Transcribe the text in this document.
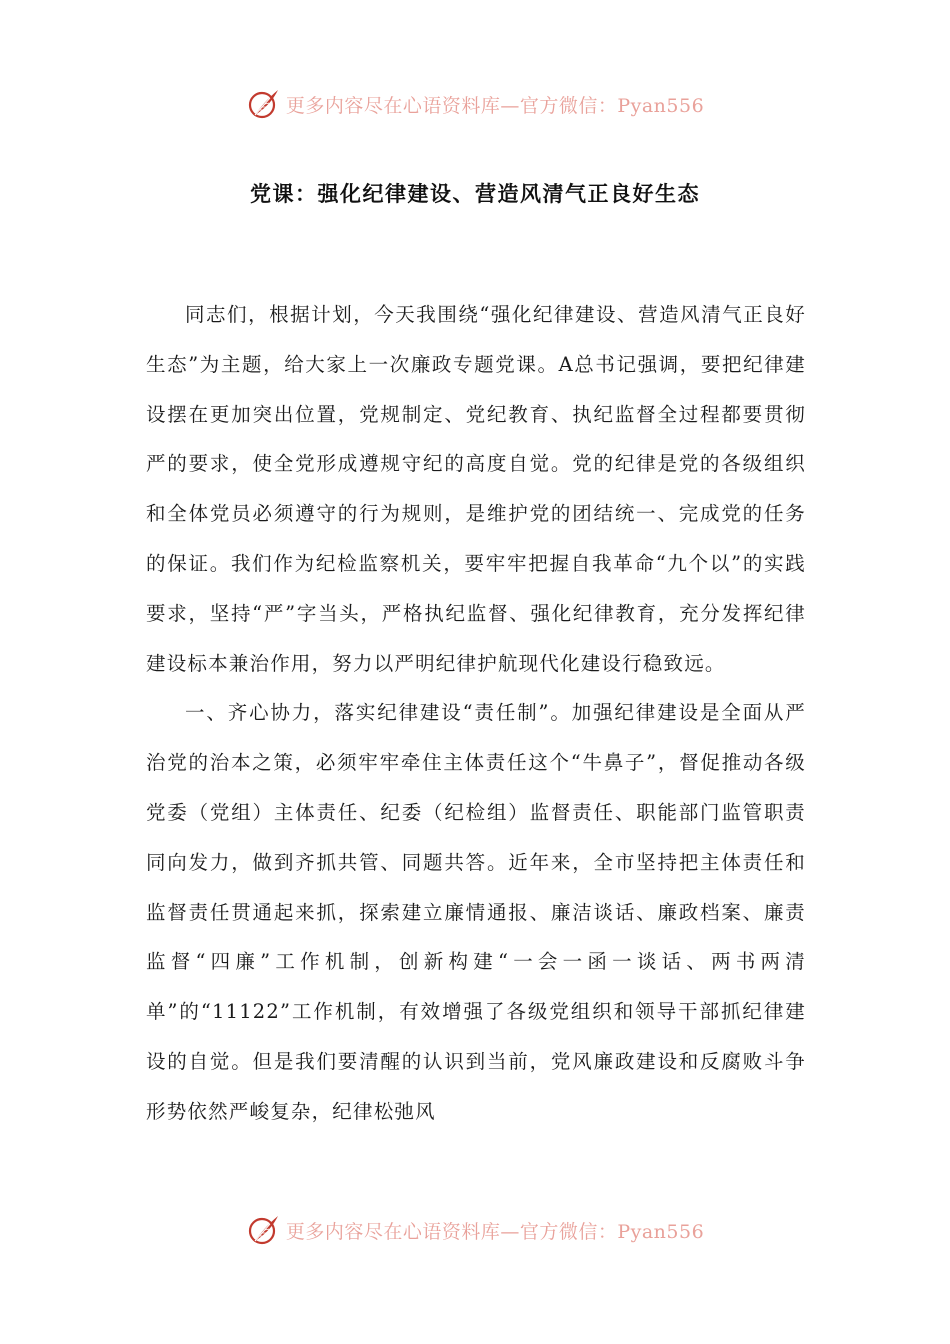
更多内容尽在心语资料库—官方微信：Pyan556
党课：强化纪律建设、营造风清气正良好生态

同志们，根据计划，今天我围绕“强化纪律建设、营造风清气正良好生态”为主题，给大家上一次廉政专题党课。A总书记强调，要把纪律建设摆在更加突出位置，党规制定、党纪教育、执纪监督全过程都要贯彻严的要求，使全党形成遵规守纪的高度自觉。党的纪律是党的各级组织和全体党员必须遵守的行为规则，是维护党的团结统一、完成党的任务的保证。我们作为纪检监察机关，要牢牢把握自我革命“九个以”的实践要求，坚持“严”字当头，严格执纪监督、强化纪律教育，充分发挥纪律建设标本兼治作用，努力以严明纪律护航现代化建设行稳致远。

一、齐心协力，落实纪律建设“责任制”。加强纪律建设是全面从严治党的治本之策，必须牢牢牵住主体责任这个“牛鼻子”，督促推动各级党委（党组）主体责任、纪委（纪检组）监督责任、职能部门监管职责同向发力，做到齐抓共管、同题共答。近年来，全市坚持把主体责任和监督责任贯通起来抓，探索建立廉情通报、廉洁谈话、廉政档案、廉责监督“四廉”工作机制，创新构建“一会一函一谈话、两书两清单”的“11122”工作机制，有效增强了各级党组织和领导干部抓纪律建设的自觉。但是我们要清醒的认识到当前，党风廉政建设和反腐败斗争形势依然严峻复杂，纪律松弛风

更多内容尽在心语资料库—官方微信：Pyan556
